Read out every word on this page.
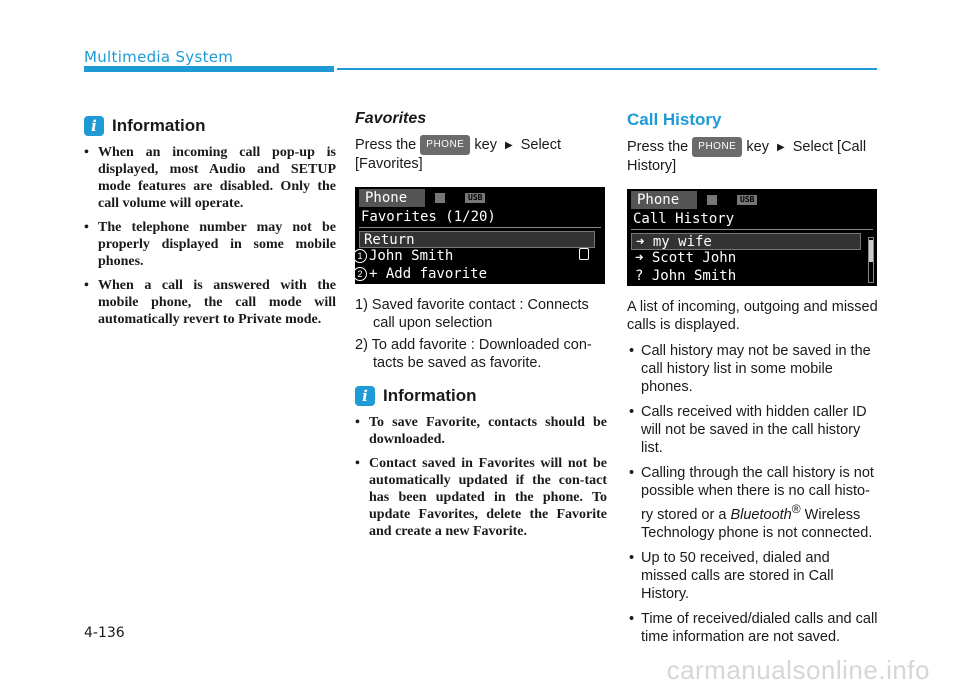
Multimedia System
i Information
• When an incoming call pop-up is displayed, most Audio and SETUP mode features are disabled. Only the call volume will operate.
• The telephone number may not be properly displayed in some mobile phones.
• When a call is answered with the mobile phone, the call mode will automatically revert to Private mode.
Favorites
Press the PHONE key ▶ Select [Favorites]
Phone	USB
Favorites (1/20)
Return
John Smith
+ Add favorite
1
2
1) Saved favorite contact : Connects call upon selection
2) To add favorite : Downloaded con-tacts be saved as favorite.
i Information
• To save Favorite, contacts should be downloaded.
• Contact saved in Favorites will not be automatically updated if the con-tact has been updated in the phone. To update Favorites, delete the Favorite and create a new Favorite.
Call History
Press the PHONE key ▶ Select [Call History]
Phone	USB
Call History
➜ my wife
➜ Scott John
? John Smith
A list of incoming, outgoing and missed calls is displayed.
• Call history may not be saved in the call history list in some mobile phones.
• Calls received with hidden caller ID will not be saved in the call history list.
• Calling through the call history is not possible when there is no call histo-ry stored or a Bluetooth® Wireless Technology phone is not connected.
• Up to 50 received, dialed and missed calls are stored in Call History.
• Time of received/dialed calls and call time information are not saved.
4-136
carmanualsonline.info
